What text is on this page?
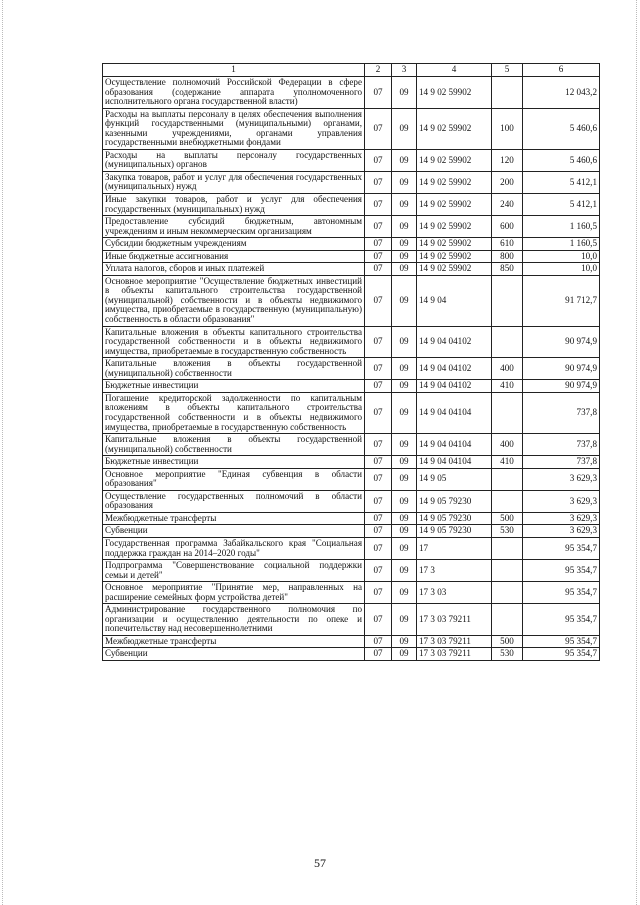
1	2	3	4	5	6
Осуществление полномочий Российской Федерации в сфере образования (содержание аппарата уполномоченного исполнительного органа государственной власти)	07	09	14 9 02 59902		12 043,2
Расходы на выплаты персоналу в целях обеспечения выполнения функций государственными (муниципальными) органами, казенными учреждениями, органами управления государственными внебюджетными фондами	07	09	14 9 02 59902	100	5 460,6
Расходы на выплаты персоналу государственных (муниципальных) органов	07	09	14 9 02 59902	120	5 460,6
Закупка товаров, работ и услуг для обеспечения государственных (муниципальных) нужд	07	09	14 9 02 59902	200	5 412,1
Иные закупки товаров, работ и услуг для обеспечения государственных (муниципальных) нужд	07	09	14 9 02 59902	240	5 412,1
Предоставление субсидий бюджетным, автономным учреждениям и иным некоммерческим организациям	07	09	14 9 02 59902	600	1 160,5
Субсидии бюджетным учреждениям	07	09	14 9 02 59902	610	1 160,5
Иные бюджетные ассигнования	07	09	14 9 02 59902	800	10,0
Уплата налогов, сборов и иных платежей	07	09	14 9 02 59902	850	10,0
Основное мероприятие "Осуществление бюджетных инвестиций в объекты капитального строительства государственной (муниципальной) собственности и в объекты недвижимого имущества, приобретаемые в государственную (муниципальную) собственность в области образования"	07	09	14 9 04		91 712,7
Капитальные вложения в объекты капитального строительства государственной собственности и в объекты недвижимого имущества, приобретаемые в государственную собственность	07	09	14 9 04 04102		90 974,9
Капитальные вложения в объекты государственной (муниципальной) собственности	07	09	14 9 04 04102	400	90 974,9
Бюджетные инвестиции	07	09	14 9 04 04102	410	90 974,9
Погашение кредиторской задолженности по капитальным вложениям в объекты капитального строительства государственной собственности и в объекты недвижимого имущества, приобретаемые в государственную собственность	07	09	14 9 04 04104		737,8
Капитальные вложения в объекты государственной (муниципальной) собственности	07	09	14 9 04 04104	400	737,8
Бюджетные инвестиции	07	09	14 9 04 04104	410	737,8
Основное мероприятие "Единая субвенция в области образования"	07	09	14 9 05		3 629,3
Осуществление государственных полномочий в области образования	07	09	14 9 05 79230		3 629,3
Межбюджетные трансферты	07	09	14 9 05 79230	500	3 629,3
Субвенции	07	09	14 9 05 79230	530	3 629,3
Государственная программа Забайкальского края "Социальная поддержка граждан на 2014–2020 годы"	07	09	17		95 354,7
Подпрограмма "Совершенствование социальной поддержки семьи и детей"	07	09	17 3		95 354,7
Основное мероприятие "Принятие мер, направленных на расширение семейных форм устройства детей"	07	09	17 3 03		95 354,7
Администрирование государственного полномочия по организации и осуществлению деятельности по опеке и попечительству над несовершеннолетними	07	09	17 3 03 79211		95 354,7
Межбюджетные трансферты	07	09	17 3 03 79211	500	95 354,7
Субвенции	07	09	17 3 03 79211	530	95 354,7
57
